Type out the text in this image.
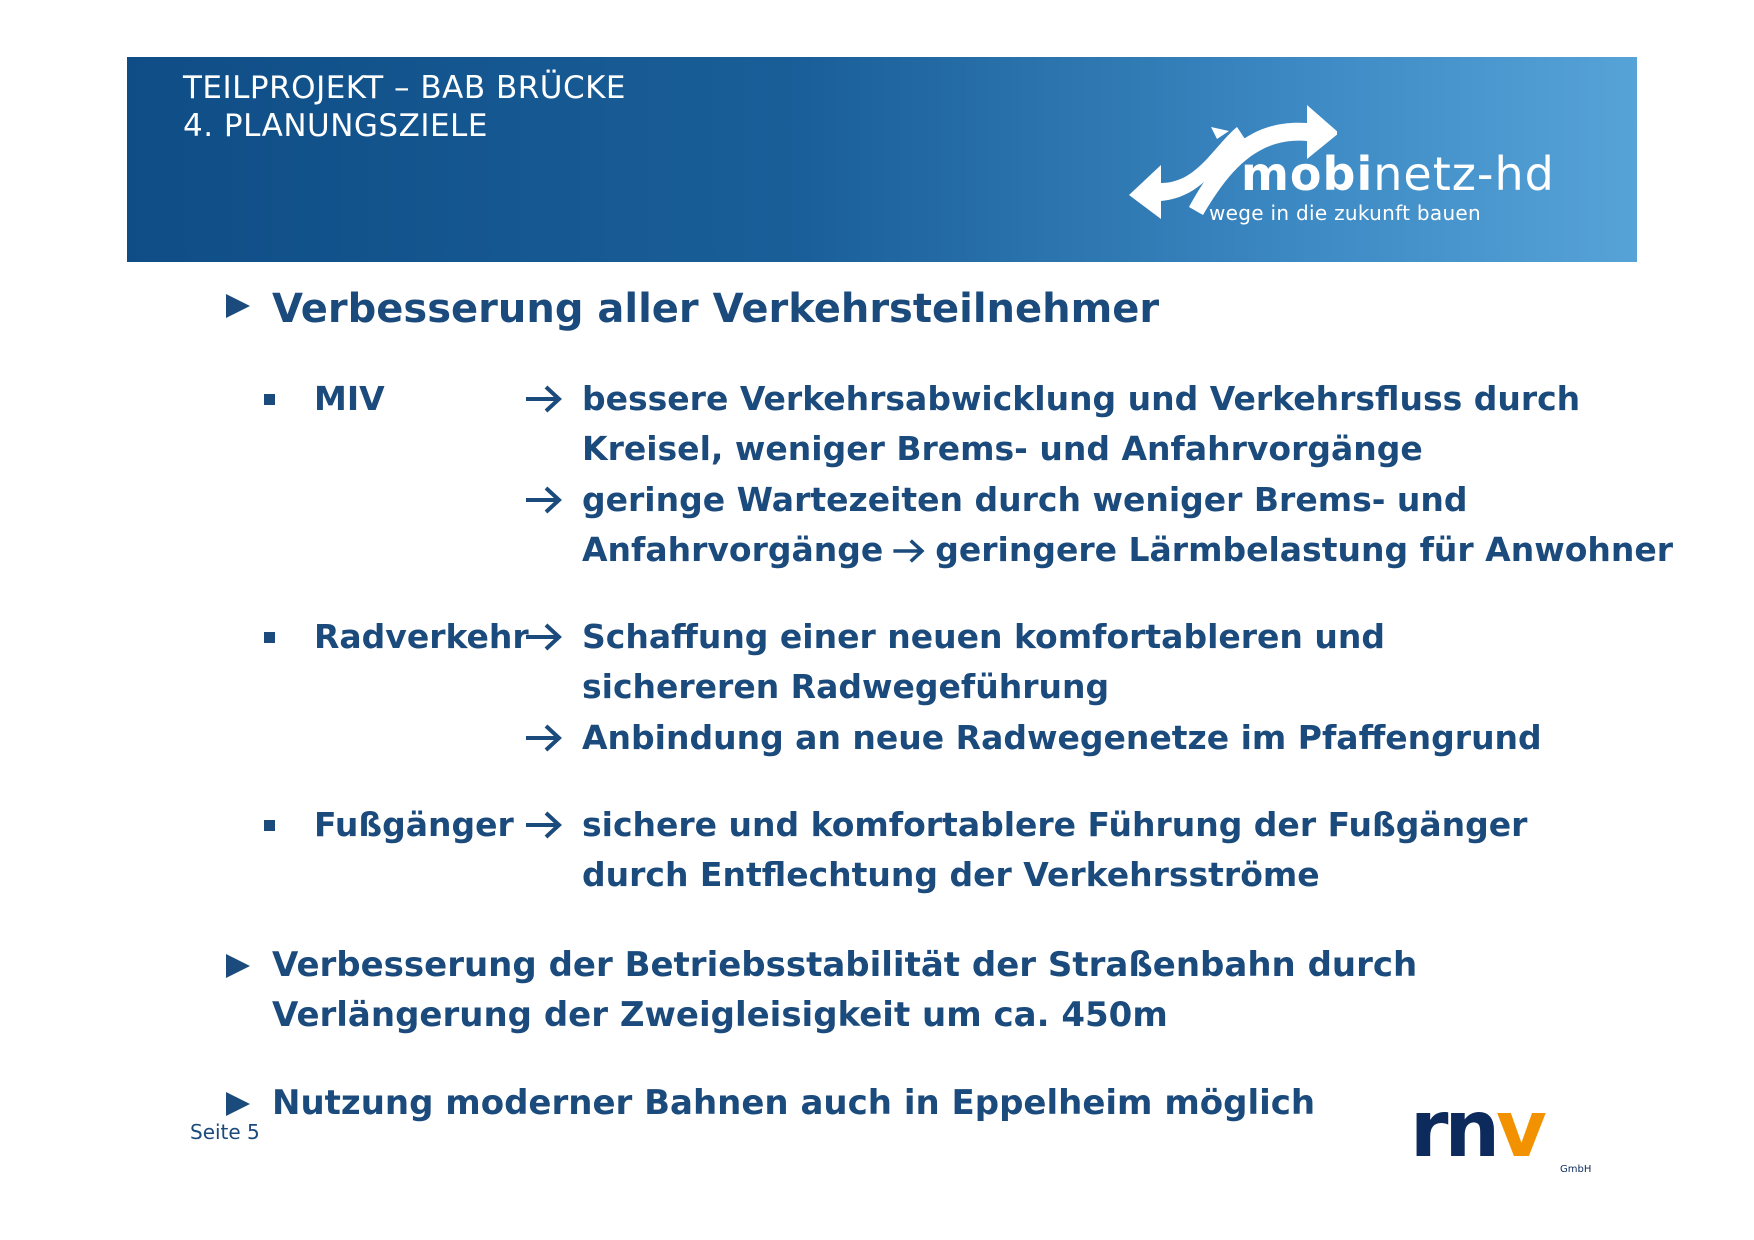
TEILPROJEKT – BAB BRÜCKE
4. PLANUNGSZIELE
mobinetz-hd
wege in die zukunft bauen
Verbesserung aller Verkehrsteilnehmer
MIV	bessere Verkehrsabwicklung und Verkehrsfluss durch
Kreisel, weniger Brems- und Anfahrvorgänge
geringe Wartezeiten durch weniger Brems- und
Anfahrvorgänge geringere Lärmbelastung für Anwohner
Radverkehr Schaffung einer neuen komfortableren und
sichereren Radwegeführung
Anbindung an neue Radwegenetze im Pfaffengrund
Fußgänger sichere und komfortablere Führung der Fußgänger
durch Entflechtung der Verkehrsströme
Verbesserung der Betriebsstabilität der Straßenbahn durch
Verlängerung der Zweigleisigkeit um ca. 450m
Nutzung moderner Bahnen auch in Eppelheim möglich
Seite 5	rnv	GmbH
